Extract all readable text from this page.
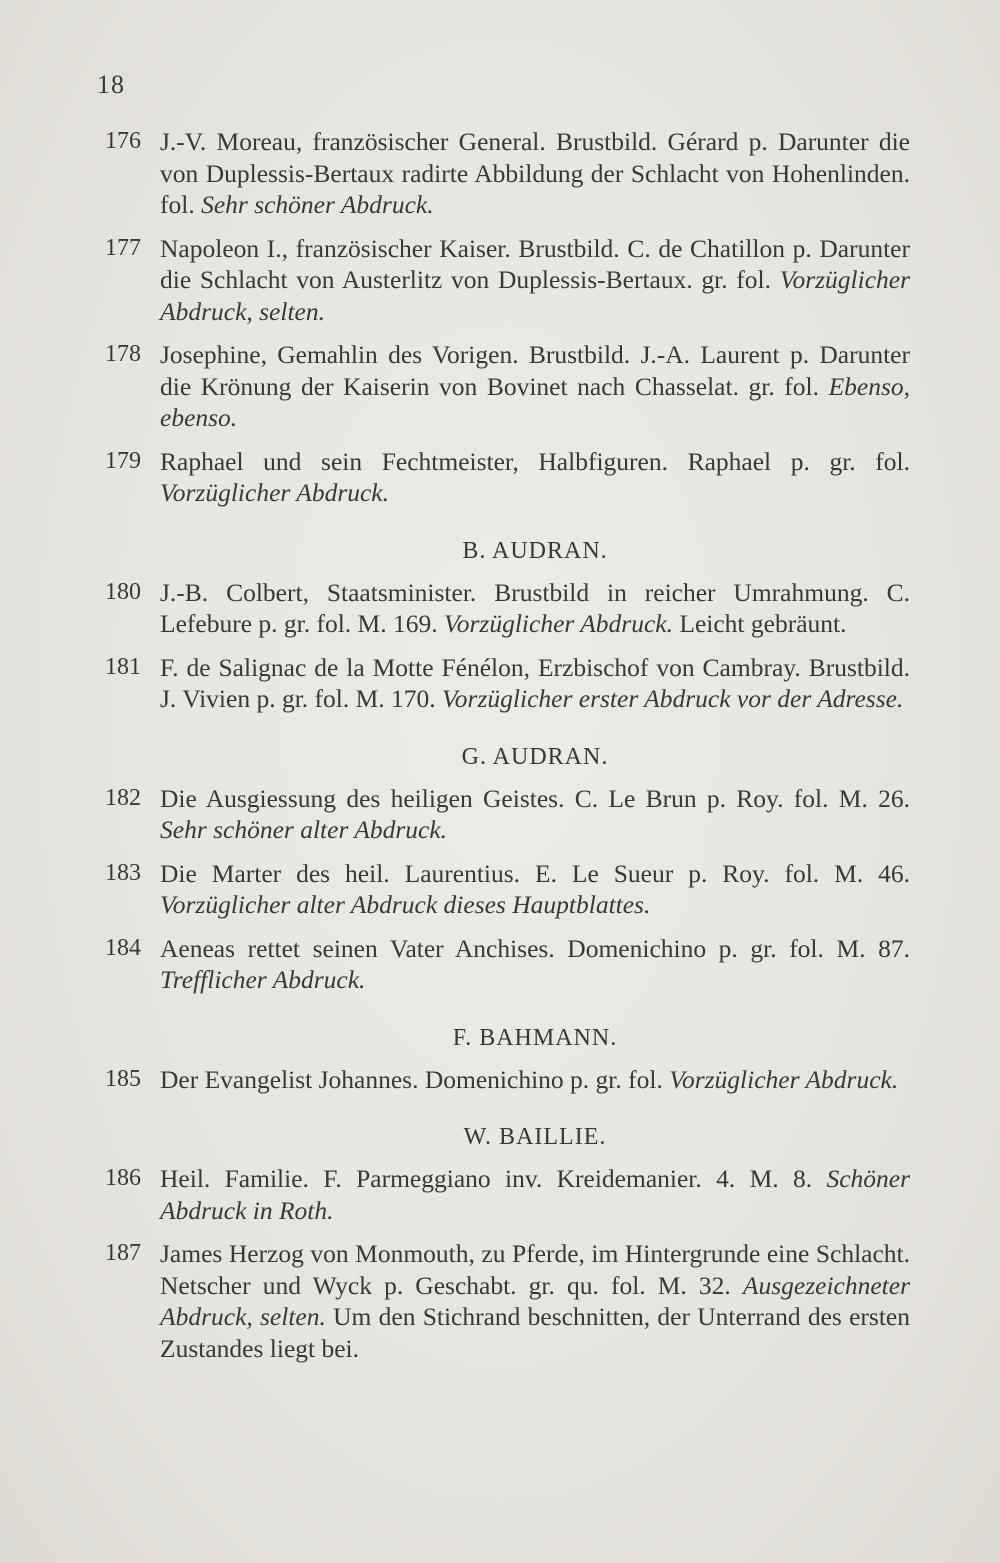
18
176 J.-V. Moreau, französischer General. Brustbild. Gérard p. Darunter die von Duplessis-Bertaux radirte Abbildung der Schlacht von Hohenlinden. fol. Sehr schöner Abdruck.
177 Napoleon I., französischer Kaiser. Brustbild. C. de Chatillon p. Darunter die Schlacht von Austerlitz von Duplessis-Bertaux. gr. fol. Vorzüglicher Abdruck, selten.
178 Josephine, Gemahlin des Vorigen. Brustbild. J.-A. Laurent p. Darunter die Krönung der Kaiserin von Bovinet nach Chasselat. gr. fol. Ebenso, ebenso.
179 Raphael und sein Fechtmeister, Halbfiguren. Raphael p. gr. fol. Vorzüglicher Abdruck.
B. AUDRAN.
180 J.-B. Colbert, Staatsminister. Brustbild in reicher Umrahmung. C. Lefebure p. gr. fol. M. 169. Vorzüglicher Abdruck. Leicht gebräunt.
181 F. de Salignac de la Motte Fénélon, Erzbischof von Cambray. Brustbild. J. Vivien p. gr. fol. M. 170. Vorzüglicher erster Abdruck vor der Adresse.
G. AUDRAN.
182 Die Ausgiessung des heiligen Geistes. C. Le Brun p. Roy. fol. M. 26. Sehr schöner alter Abdruck.
183 Die Marter des heil. Laurentius. E. Le Sueur p. Roy. fol. M. 46. Vorzüglicher alter Abdruck dieses Hauptblattes.
184 Aeneas rettet seinen Vater Anchises. Domenichino p. gr. fol. M. 87. Trefflicher Abdruck.
F. BAHMANN.
185 Der Evangelist Johannes. Domenichino p. gr. fol. Vorzüglicher Abdruck.
W. BAILLIE.
186 Heil. Familie. F. Parmeggiano inv. Kreidemanier. 4. M. 8. Schöner Abdruck in Roth.
187 James Herzog von Monmouth, zu Pferde, im Hintergrunde eine Schlacht. Netscher und Wyck p. Geschabt. gr. qu. fol. M. 32. Ausgezeichneter Abdruck, selten. Um den Stichrand beschnitten, der Unterrand des ersten Zustandes liegt bei.
